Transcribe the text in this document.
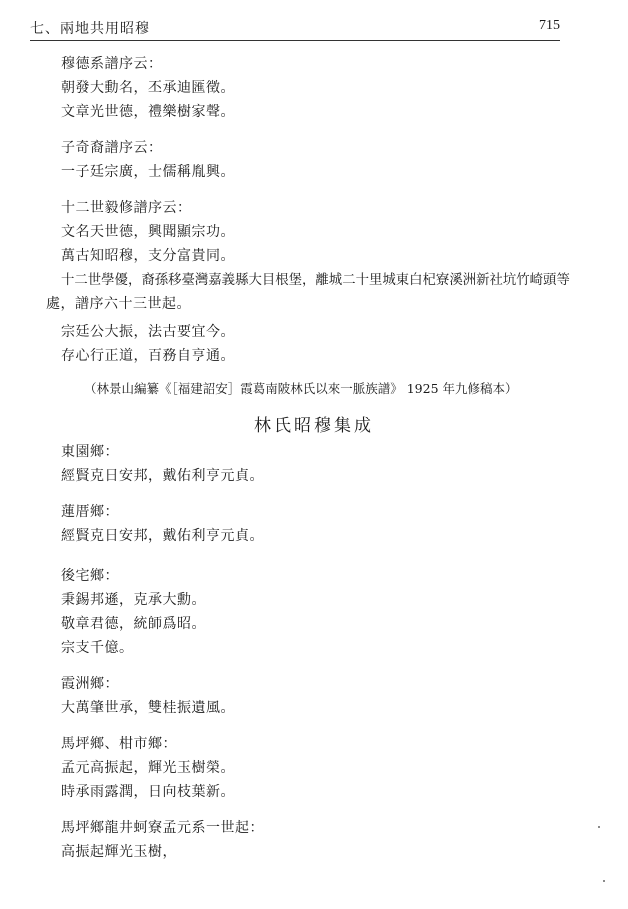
七、兩地共用昭穆	715
穆德系譜序云：
朝發大動名，丕承迪匯徵。
文章光世德，禮樂樹家聲。
子奇裔譜序云：
一子廷宗廣，士儒稱胤興。
十二世毅修譜序云：
文名天世德，興聞顯宗功。
萬古知昭穆，支分富貴同。
十二世學優，裔孫移臺灣嘉義縣大目根堡，離城二十里城東白杞寮溪洲新社坑竹崎頭等
處，譜序六十三世起。
宗廷公大振，法古要宜今。
存心行正道，百務自亨通。
（林景山編纂《［福建詔安］霞葛南陂林氏以來一脈族譜》 1925 年九修稿本）
林氏昭穆集成
東園鄉：
經賢克日安邦，戴佑利亨元貞。
蓮厝鄉：
經賢克日安邦，戴佑利亨元貞。
後宅鄉：
秉錫邦遜，克承大勳。
敬章君德，統師爲昭。
宗支千億。
霞洲鄉：
大萬肇世承，雙桂振遺風。
馬坪鄉、柑市鄉：
孟元高振起，輝光玉樹榮。
時承雨露潤，日向枝葉新。
馬坪鄉龍井蚵寮孟元系一世起：
高振起輝光玉樹，
